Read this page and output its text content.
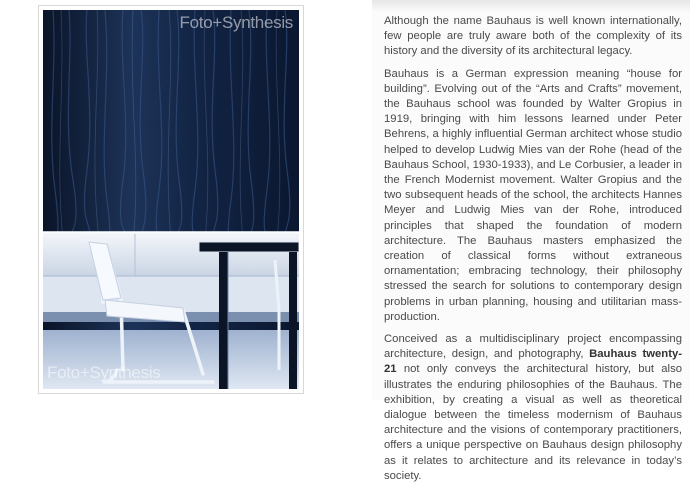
Foto+Synthesis
Foto+Synthesis

Although the name Bauhaus is well known internationally, few people are truly aware both of the complexity of its history and the diversity of its architectural legacy.

Bauhaus is a German expression meaning “house for building”. Evolving out of the “Arts and Crafts” movement, the Bauhaus school was founded by Walter Gropius in 1919, bringing with him lessons learned under Peter Behrens, a highly influential German architect whose studio helped to develop Ludwig Mies van der Rohe (head of the Bauhaus School, 1930-1933), and Le Corbusier, a leader in the French Modernist movement. Walter Gropius and the two subsequent heads of the school, the architects Hannes Meyer and Ludwig Mies van der Rohe, introduced principles that shaped the foundation of modern architecture. The Bauhaus masters emphasized the creation of classical forms without extraneous ornamentation; embracing technology, their philosophy stressed the search for solutions to contemporary design problems in urban planning, housing and utilitarian mass-production.

Conceived as a multidisciplinary project encompassing architecture, design, and photography, Bauhaus twenty-21 not only conveys the architectural history, but also illustrates the enduring philosophies of the Bauhaus. The exhibition, by creating a visual as well as theoretical dialogue between the timeless modernism of Bauhaus architecture and the visions of contemporary practitioners, offers a unique perspective on Bauhaus design philosophy as it relates to architecture and its relevance in today’s society.
